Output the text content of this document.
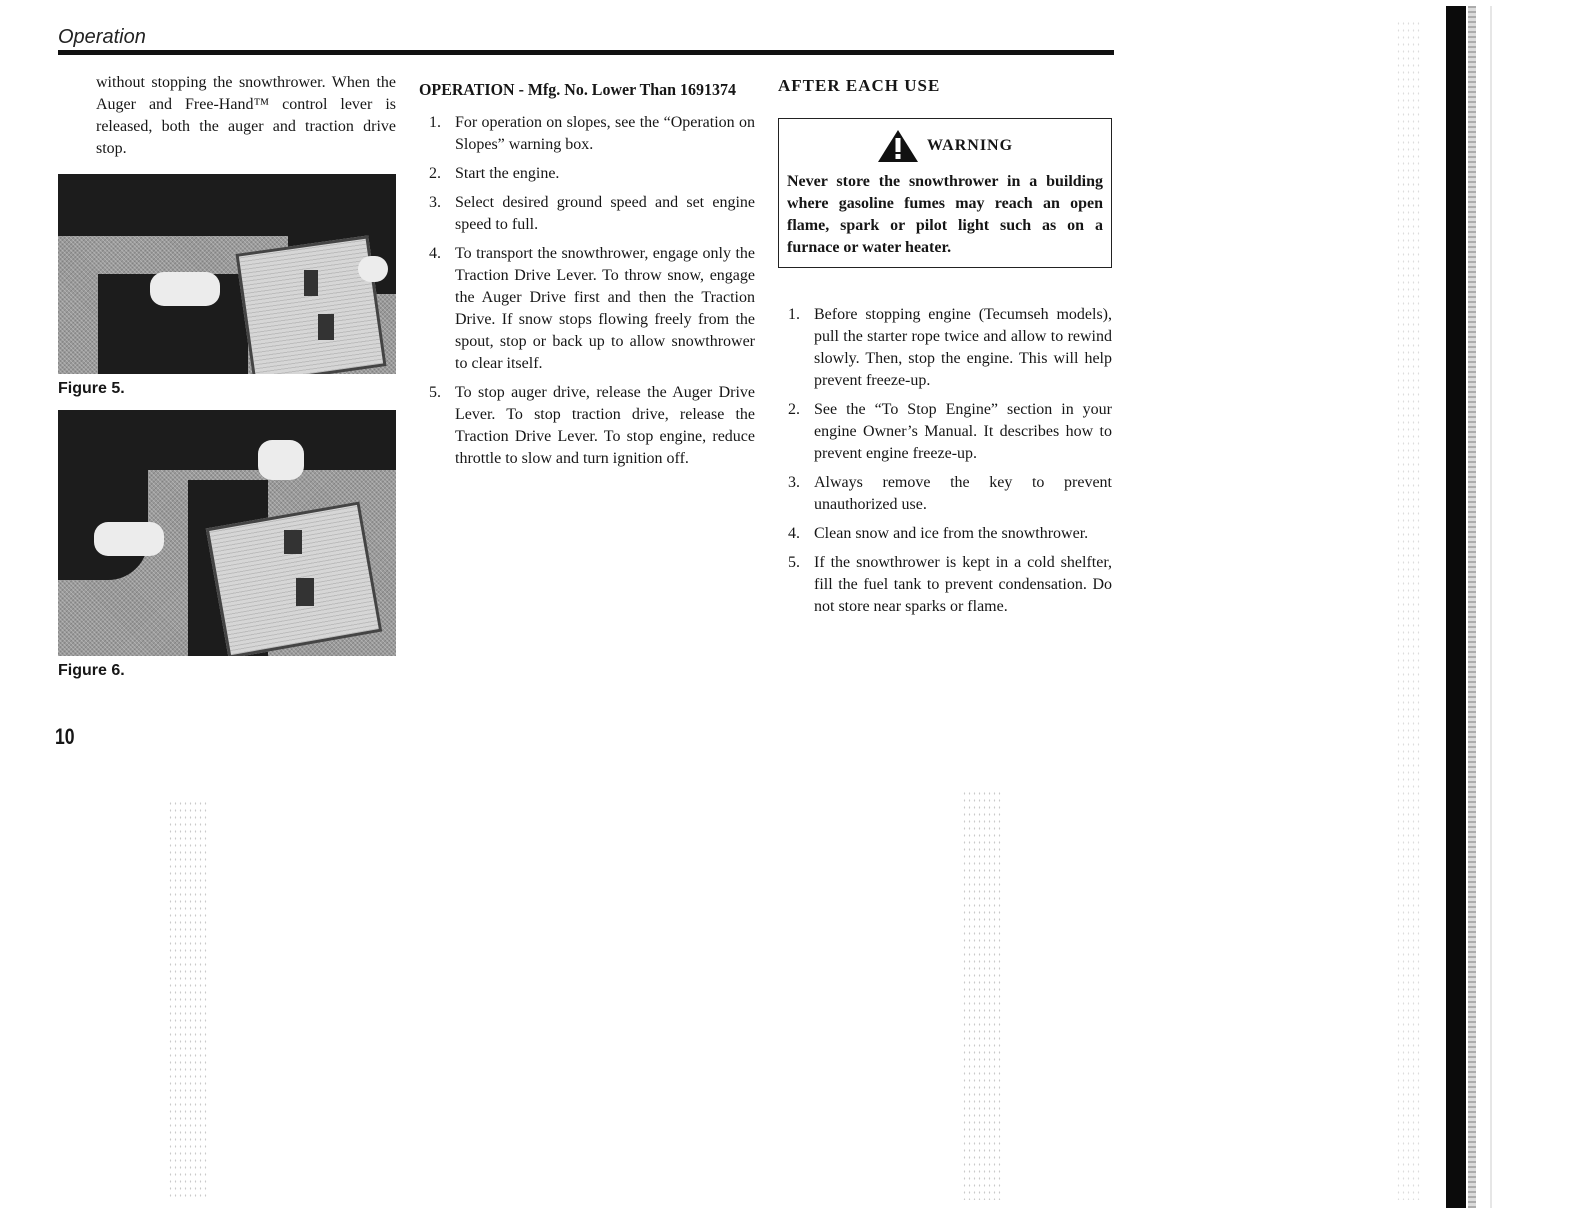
Operation

without stopping the snowthrower. When the Auger and Free-Hand™ control lever is released, both the auger and traction drive stop.

Figure 5.
Figure 6.
10
OPERATION - Mfg. No. Lower Than 1691374
1. For operation on slopes, see the “Operation on Slopes” warning box.
2. Start the engine.
3. Select desired ground speed and set engine speed to full.
4. To transport the snowthrower, engage only the Traction Drive Lever. To throw snow, engage the Auger Drive first and then the Traction Drive. If snow stops flowing freely from the spout, stop or back up to allow snowthrower to clear itself.
5. To stop auger drive, release the Auger Drive Lever. To stop traction drive, release the Traction Drive Lever. To stop engine, reduce throttle to slow and turn ignition off.
AFTER EACH USE
WARNING

Never store the snowthrower in a building where gasoline fumes may reach an open flame, spark or pilot light such as on a furnace or water heater.

1. Before stopping engine (Tecumseh models), pull the starter rope twice and allow to rewind slowly. Then, stop the engine. This will help prevent freeze-up.
2. See the “To Stop Engine” section in your engine Owner’s Manual. It describes how to prevent engine freeze-up.
3. Always remove the key to prevent unauthorized use.
4. Clean snow and ice from the snowthrower.
5. If the snowthrower is kept in a cold shelfter, fill the fuel tank to prevent condensation. Do not store near sparks or flame.
